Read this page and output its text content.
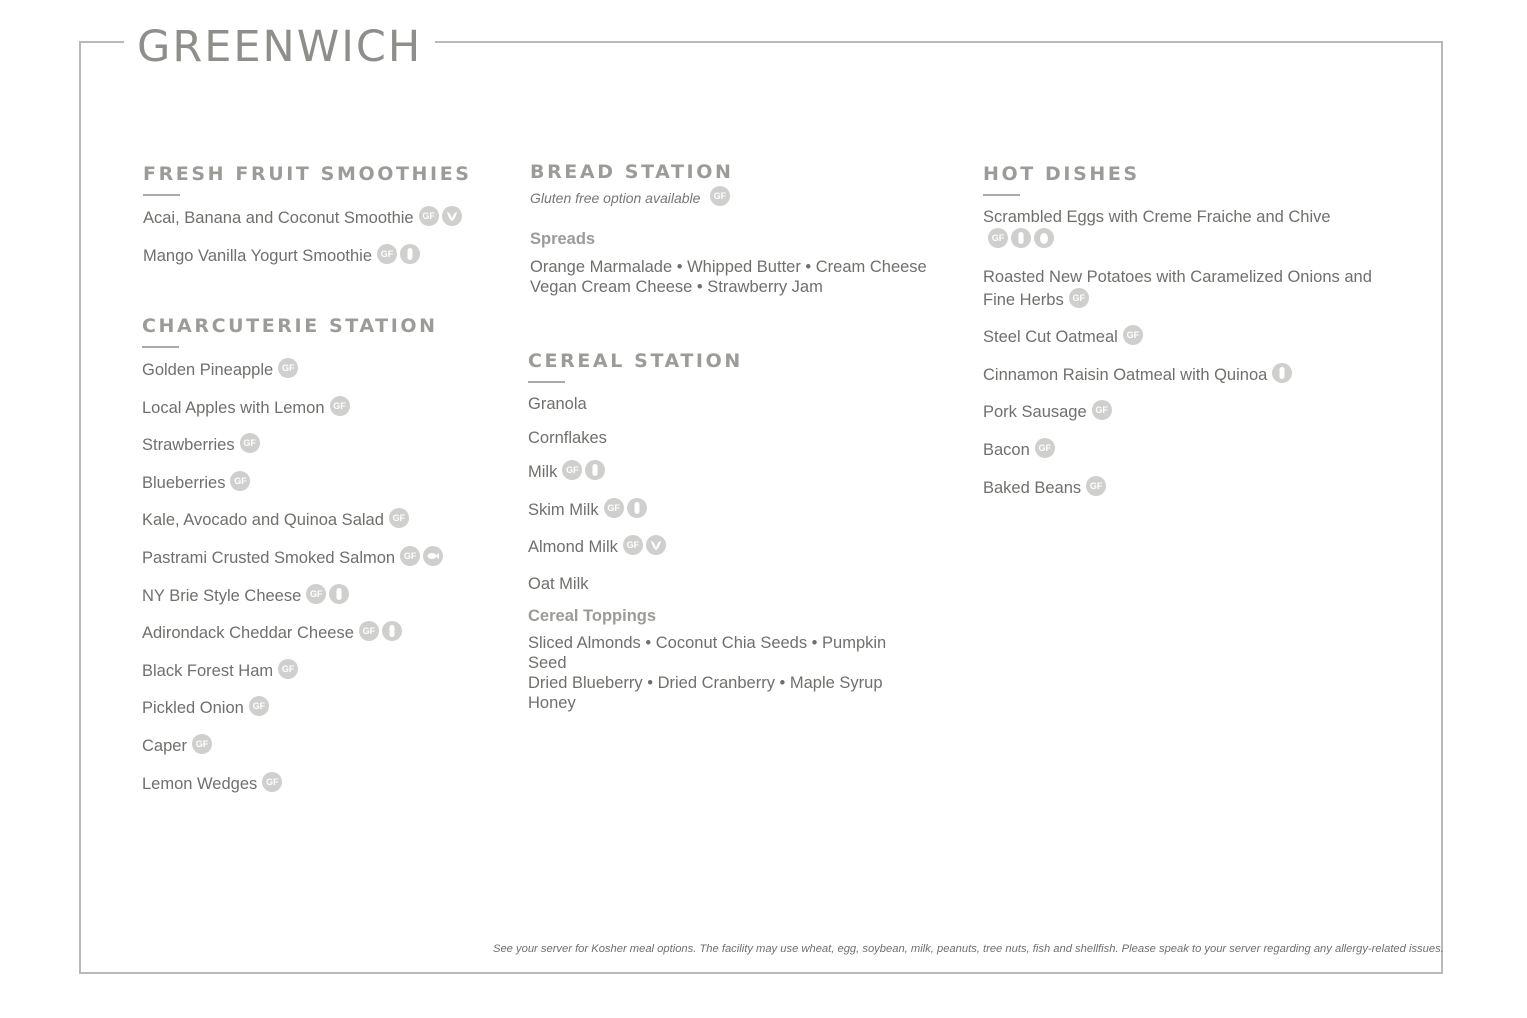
GREENWICH
FRESH FRUIT SMOOTHIES
Acai, Banana and Coconut Smoothie GF
Mango Vanilla Yogurt Smoothie GF
CHARCUTERIE STATION
Golden Pineapple GF
Local Apples with Lemon GF
Strawberries GF
Blueberries GF
Kale, Avocado and Quinoa Salad GF
Pastrami Crusted Smoked Salmon GF
NY Brie Style Cheese GF
Adirondack Cheddar Cheese GF
Black Forest Ham GF
Pickled Onion GF
Caper GF
Lemon Wedges GF
BREAD STATION
Gluten free option available GF
Spreads
Orange Marmalade • Whipped Butter • Cream Cheese
Vegan Cream Cheese • Strawberry Jam
CEREAL STATION
Granola
Cornflakes
Milk GF
Skim Milk GF
Almond Milk GF
Oat Milk
Cereal Toppings
Sliced Almonds • Coconut Chia Seeds • Pumpkin Seed
Dried Blueberry • Dried Cranberry • Maple Syrup
Honey
HOT DISHES
Scrambled Eggs with Creme Fraiche and ChiveGF
Roasted New Potatoes with Caramelized Onions and Fine Herbs GF
Steel Cut Oatmeal GF
Cinnamon Raisin Oatmeal with Quinoa
Pork Sausage GF
Bacon GF
Baked Beans GF
See your server for Kosher meal options. The facility may use wheat, egg, soybean, milk, peanuts, tree nuts, fish and shellfish. Please speak to your server regarding any allergy-related issues.
